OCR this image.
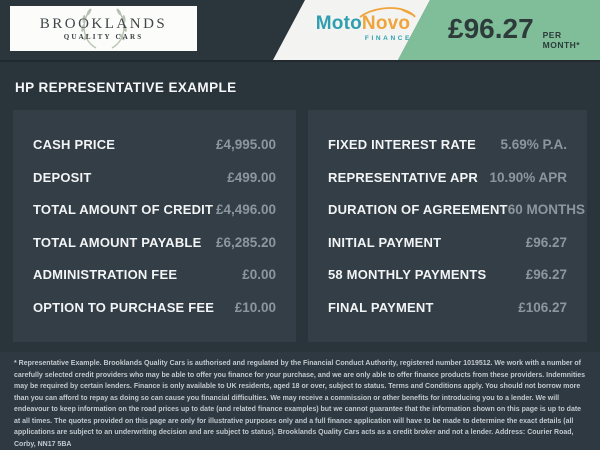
BROOKLANDS
QUALITY CARS
MotoNovo
FINANCE £96.27 PER MONTH*
HP REPRESENTATIVE EXAMPLE
CASH PRICE	£4,995.00
DEPOSIT	£499.00
TOTAL AMOUNT OF CREDIT £4,496.00
TOTAL AMOUNT PAYABLE £6,285.20
ADMINISTRATION FEE	£0.00
OPTION TO PURCHASE FEE £10.00
FIXED INTEREST RATE 5.69% P.A.
REPRESENTATIVE APR 10.90% APR
DURATION OF AGREEMENT 60 MONTHS
INITIAL PAYMENT	£96.27
58 MONTHLY PAYMENTS	£96.27
FINAL PAYMENT	£106.27
* Representative Example. Brooklands Quality Cars is authorised and regulated by the Financial Conduct Authority, registered number 1019512. We work with a number of carefully selected credit providers who may be able to offer you finance for your purchase, and we are only able to offer finance products from these providers. Indemnities may be required by certain lenders. Finance is only available to UK residents, aged 18 or over, subject to status. Terms and Conditions apply. You should not borrow more than you can afford to repay as doing so can cause you financial difficulties. We may receive a commission or other benefits for introducing you to a lender. We will endeavour to keep information on the road prices up to date (and related finance examples) but we cannot guarantee that the information shown on this page is up to date at all times. The quotes provided on this page are only for illustrative purposes only and a full finance application will have to be made to determine the exact details (all applications are subject to an underwriting decision and are subject to status). Brooklands Quality Cars acts as a credit broker and not a lender. Address: Courier Road, Corby, NN17 5BA
